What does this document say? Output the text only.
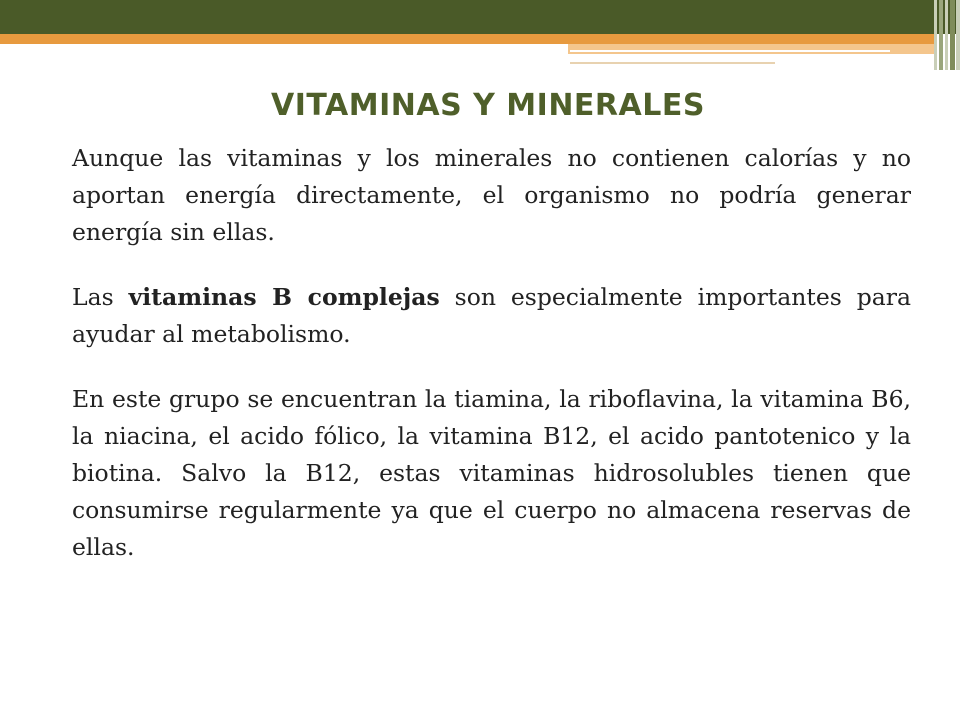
VITAMINAS Y MINERALES

Aunque las vitaminas y los minerales no contienen calorías y no aportan energía directamente, el organismo no podría generar energía sin ellas.

Las vitaminas B complejas son especialmente importantes para ayudar al metabolismo.

En este grupo se encuentran la tiamina, la riboflavina, la vitamina B6, la niacina, el acido fólico, la vitamina B12, el acido pantotenico y la biotina. Salvo la B12, estas vitaminas hidrosolubles tienen que consumirse regularmente ya que el cuerpo no almacena reservas de ellas.
